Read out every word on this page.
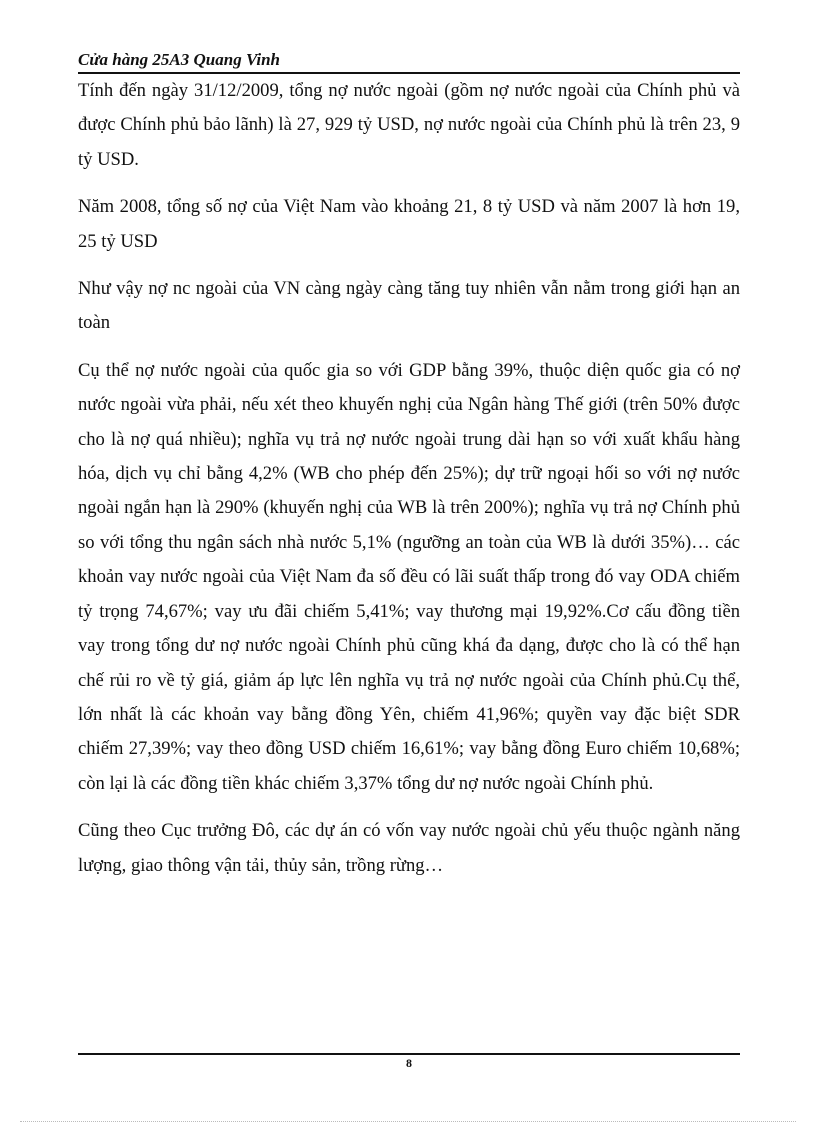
Cửa hàng 25A3 Quang Vinh

Tính đến ngày 31/12/2009, tổng nợ nước ngoài (gồm nợ nước ngoài của Chính phủ và được Chính phủ bảo lãnh) là 27, 929 tỷ USD, nợ nước ngoài của Chính phủ là trên 23, 9 tỷ USD.

Năm 2008, tổng số nợ của Việt Nam vào khoảng 21, 8 tỷ USD và năm 2007 là hơn 19, 25 tỷ USD

Như vậy nợ nc ngoài của VN càng ngày càng tăng tuy nhiên vẫn nằm trong giới hạn an toàn

Cụ thể nợ nước ngoài của quốc gia so với GDP bằng 39%, thuộc diện quốc gia có nợ nước ngoài vừa phải, nếu xét theo khuyến nghị của Ngân hàng Thế giới (trên 50% được cho là nợ quá nhiều); nghĩa vụ trả nợ nước ngoài trung dài hạn so với xuất khẩu hàng hóa, dịch vụ chỉ bằng 4,2% (WB cho phép đến 25%); dự trữ ngoại hối so với nợ nước ngoài ngắn hạn là 290% (khuyến nghị của WB là trên 200%); nghĩa vụ trả nợ Chính phủ so với tổng thu ngân sách nhà nước 5,1% (ngưỡng an toàn của WB là dưới 35%)… các khoản vay nước ngoài của Việt Nam đa số đều có lãi suất thấp trong đó vay ODA chiếm tỷ trọng 74,67%; vay ưu đãi chiếm 5,41%; vay thương mại 19,92%.Cơ cấu đồng tiền vay trong tổng dư nợ nước ngoài Chính phủ cũng khá đa dạng, được cho là có thể hạn chế rủi ro về tỷ giá, giảm áp lực lên nghĩa vụ trả nợ nước ngoài của Chính phủ.Cụ thể, lớn nhất là các khoản vay bằng đồng Yên, chiếm 41,96%; quyền vay đặc biệt SDR chiếm 27,39%; vay theo đồng USD chiếm 16,61%; vay bằng đồng Euro chiếm 10,68%; còn lại là các đồng tiền khác chiếm 3,37% tổng dư nợ nước ngoài Chính phủ.

Cũng theo Cục trưởng Đô, các dự án có vốn vay nước ngoài chủ yếu thuộc ngành năng lượng, giao thông vận tải, thủy sản, trồng rừng…

8
